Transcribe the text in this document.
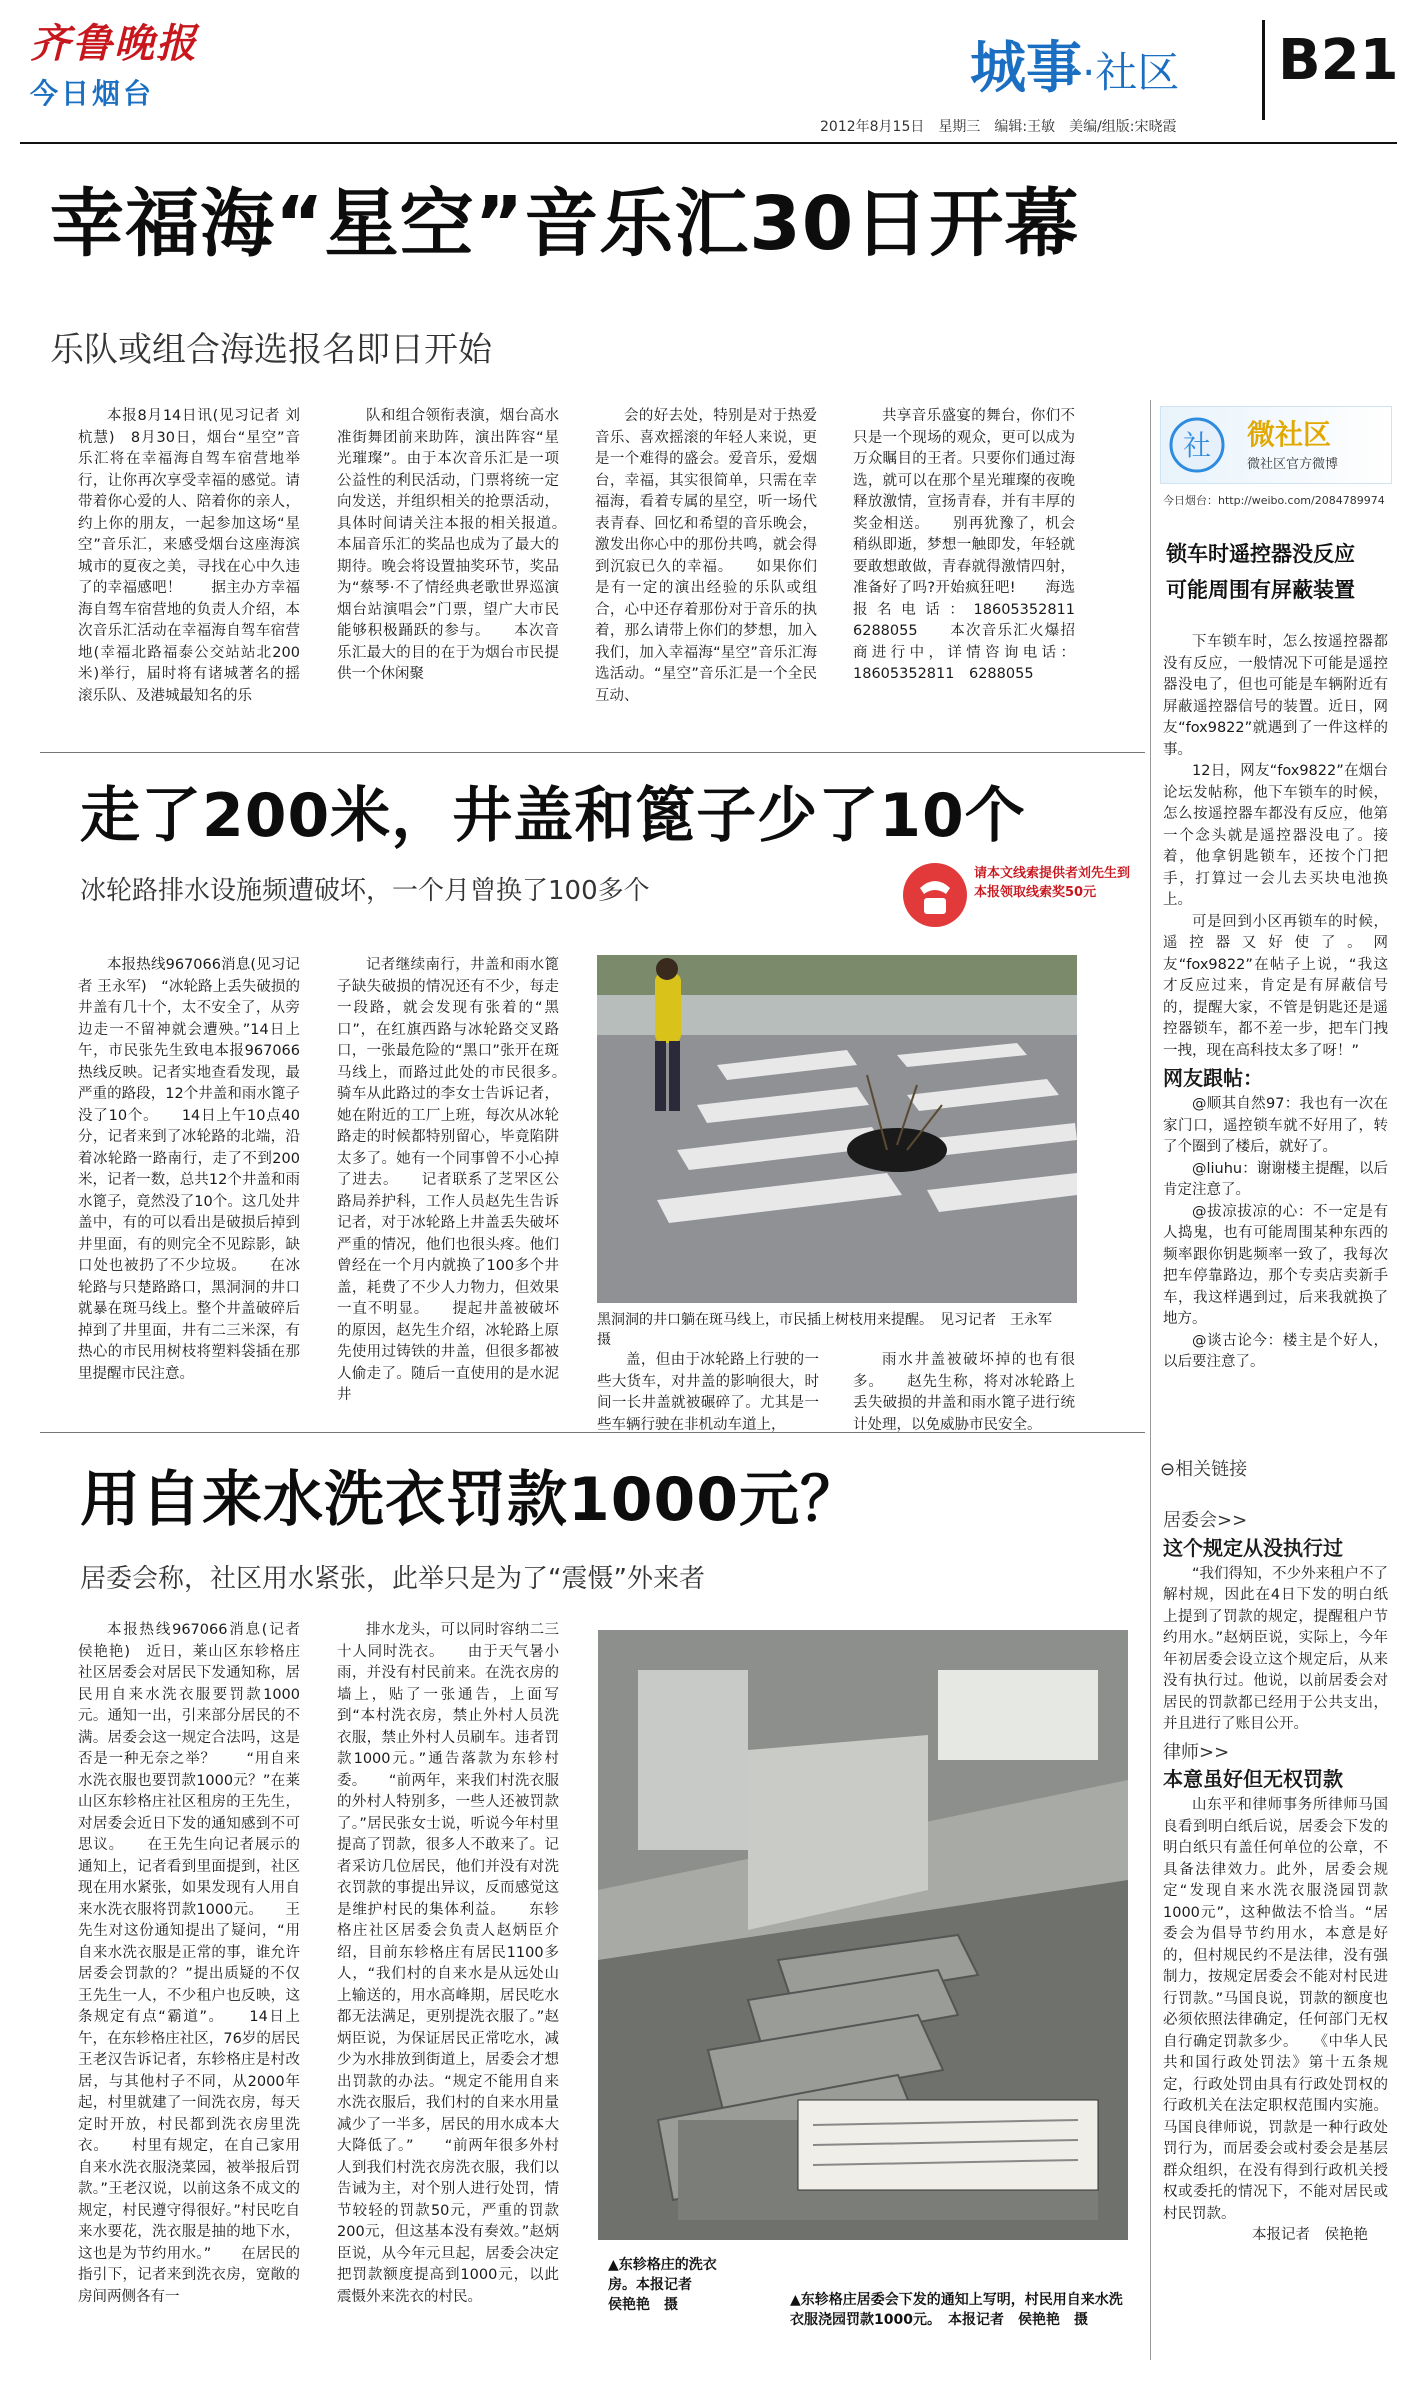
齐鲁晚报
今日烟台	城事·社区 B21
2012年8月15日　星期三　编辑:王敏　美编/组版:宋晓霞
幸福海“星空”音乐汇30日开幕
乐队或组合海选报名即日开始

本报8月14日讯(见习记者 刘杭慧)　8月30日，烟台“星空”音乐汇将在幸福海自驾车宿营地举行，让你再次享受幸福的感觉。请带着你心爱的人、陪着你的亲人，约上你的朋友，一起参加这场“星空”音乐汇，来感受烟台这座海滨城市的夏夜之美，寻找在心中久违了的幸福感吧！　　据主办方幸福海自驾车宿营地的负责人介绍，本次音乐汇活动在幸福海自驾车宿营地(幸福北路福泰公交站站北200米)举行，届时将有诸城著名的摇滚乐队、及港城最知名的乐

队和组合领衔表演，烟台高水准街舞团前来助阵，演出阵容“星光璀璨”。由于本次音乐汇是一项公益性的利民活动，门票将统一定向发送，并组织相关的抢票活动，具体时间请关注本报的相关报道。　　本届音乐汇的奖品也成为了最大的期待。晚会将设置抽奖环节，奖品为“蔡琴·不了情经典老歌世界巡演烟台站演唱会”门票，望广大市民能够积极踊跃的参与。　　本次音乐汇最大的目的在于为烟台市民提供一个休闲聚

会的好去处，特别是对于热爱音乐、喜欢摇滚的年轻人来说，更是一个难得的盛会。爱音乐，爱烟台，幸福，其实很简单，只需在幸福海，看着专属的星空，听一场代表青春、回忆和希望的音乐晚会，激发出你心中的那份共鸣，就会得到沉寂已久的幸福。　　如果你们是有一定的演出经验的乐队或组合，心中还存着那份对于音乐的执着，那么请带上你们的梦想，加入我们，加入幸福海“星空”音乐汇海选活动。“星空”音乐汇是一个全民互动、

共享音乐盛宴的舞台，你们不只是一个现场的观众，更可以成为万众瞩目的王者。只要你们通过海选，就可以在那个星光璀璨的夜晚释放激情，宣扬青春，并有丰厚的奖金相送。　　别再犹豫了，机会稍纵即逝，梦想一触即发，年轻就要敢想敢做，青春就得激情四射，准备好了吗?开始疯狂吧!　　海选报名电话：18605352811　6288055　　本次音乐汇火爆招商进行中，详情咨询电话：18605352811　6288055

走了200米，井盖和篦子少了10个
冰轮路排水设施频遭破坏，一个月曾换了100多个
请本文线索提供者刘先生到本报领取线索奖50元

本报热线967066消息(见习记者 王永军)　“冰轮路上丢失破损的井盖有几十个，太不安全了，从旁边走一不留神就会遭殃。”14日上午，市民张先生致电本报967066热线反映。记者实地查看发现，最严重的路段，12个井盖和雨水篦子没了10个。　　14日上午10点40分，记者来到了冰轮路的北端，沿着冰轮路一路南行，走了不到200米，记者一数，总共12个井盖和雨水篦子，竟然没了10个。这几处井盖中，有的可以看出是破损后掉到井里面，有的则完全不见踪影，缺口处也被扔了不少垃圾。　　在冰轮路与只楚路路口，黑洞洞的井口就暴在斑马线上。整个井盖破碎后掉到了井里面，井有二三米深，有热心的市民用树枝将塑料袋插在那里提醒市民注意。

记者继续南行，井盖和雨水篦子缺失破损的情况还有不少，每走一段路，就会发现有张着的“黑口”，在红旗西路与冰轮路交叉路口，一张最危险的“黑口”张开在斑马线上，而路过此处的市民很多。　　骑车从此路过的李女士告诉记者，她在附近的工厂上班，每次从冰轮路走的时候都特别留心，毕竟陷阱太多了。她有一个同事曾不小心掉了进去。　　记者联系了芝罘区公路局养护科，工作人员赵先生告诉记者，对于冰轮路上井盖丢失破坏严重的情况，他们也很头疼。他们曾经在一个月内就换了100多个井盖，耗费了不少人力物力，但效果一直不明显。　　提起井盖被破坏的原因，赵先生介绍，冰轮路上原先使用过铸铁的井盖，但很多都被人偷走了。随后一直使用的是水泥井

黑洞洞的井口躺在斑马线上，市民插上树枝用来提醒。　见习记者　王永军　摄

盖，但由于冰轮路上行驶的一些大货车，对井盖的影响很大，时间一长井盖就被碾碎了。尤其是一些车辆行驶在非机动车道上，

雨水井盖被破坏掉的也有很多。　　赵先生称，将对冰轮路上丢失破损的井盖和雨水篦子进行统计处理，以免威胁市民安全。

用自来水洗衣罚款1000元？
居委会称，社区用水紧张，此举只是为了“震慑”外来者

本报热线967066消息(记者 侯艳艳)　近日，莱山区东轸格庄社区居委会对居民下发通知称，居民用自来水洗衣服要罚款1000元。通知一出，引来部分居民的不满。居委会这一规定合法吗，这是否是一种无奈之举？　　“用自来水洗衣服也要罚款1000元？”在莱山区东轸格庄社区租房的王先生，对居委会近日下发的通知感到不可思议。　　在王先生向记者展示的通知上，记者看到里面提到，社区现在用水紧张，如果发现有人用自来水洗衣服将罚款1000元。　　王先生对这份通知提出了疑问，“用自来水洗衣服是正常的事，谁允许居委会罚款的？”提出质疑的不仅王先生一人，不少租户也反映，这条规定有点“霸道”。　　14日上午，在东轸格庄社区，76岁的居民王老汉告诉记者，东轸格庄是村改居，与其他村子不同，从2000年起，村里就建了一间洗衣房，每天定时开放，村民都到洗衣房里洗衣。　　村里有规定，在自己家用自来水洗衣服浇菜园，被举报后罚款。”王老汉说，以前这条不成文的规定，村民遵守得很好。”村民吃自来水要花，洗衣服是抽的地下水，这也是为节约用水。”　　在居民的指引下，记者来到洗衣房，宽敞的房间两侧各有一

排水龙头，可以同时容纳二三十人同时洗衣。　　由于天气暑小雨，并没有村民前来。在洗衣房的墙上，贴了一张通告，上面写到“本村洗衣房，禁止外村人员洗衣服，禁止外村人员刷车。违者罚款1000元。”通告落款为东轸村委。　　“前两年，来我们村洗衣服的外村人特别多，一些人还被罚款了。”居民张女士说，听说今年村里提高了罚款，很多人不敢来了。记者采访几位居民，他们并没有对洗衣罚款的事提出异议，反而感觉这是维护村民的集体利益。　　东轸格庄社区居委会负责人赵炳臣介绍，目前东轸格庄有居民1100多人，“我们村的自来水是从远处山上输送的，用水高峰期，居民吃水都无法满足，更别提洗衣服了。”赵炳臣说，为保证居民正常吃水，减少为水排放到街道上，居委会才想出罚款的办法。“规定不能用自来水洗衣服后，我们村的自来水用量减少了一半多，居民的用水成本大大降低了。”　　“前两年很多外村人到我们村洗衣房洗衣服，我们以告诫为主，对个别人进行处罚，情节较轻的罚款50元，严重的罚款200元，但这基本没有奏效。”赵炳臣说，从今年元旦起，居委会决定把罚款额度提高到1000元，以此震慑外来洗衣的村民。

▲东轸格庄的洗衣房。本报记者　侯艳艳　摄	▲东轸格庄居委会下发的通知上写明，村民用自来水洗衣服浇园罚款1000元。　本报记者　侯艳艳　摄
社 微社区
微社区官方微博
今日烟台：http://weibo.com/2084789974
锁车时遥控器没反应
可能周围有屏蔽装置

下车锁车时，怎么按遥控器都没有反应，一般情况下可能是遥控器没电了，但也可能是车辆附近有屏蔽遥控器信号的装置。近日，网友“fox9822”就遇到了一件这样的事。

12日，网友“fox9822”在烟台论坛发帖称，他下车锁车的时候，怎么按遥控器车都没有反应，他第一个念头就是遥控器没电了。接着，他拿钥匙锁车，还按个门把手，打算过一会儿去买块电池换上。

可是回到小区再锁车的时候，遥控器又好使了。网友“fox9822”在帖子上说，“我这才反应过来，肯定是有屏蔽信号的，提醒大家，不管是钥匙还是遥控器锁车，都不差一步，把车门拽一拽，现在高科技太多了呀！”

网友跟帖：

@顺其自然97：我也有一次在家门口，遥控锁车就不好用了，转了个圈到了楼后，就好了。

@liuhu：谢谢楼主提醒，以后肯定注意了。

@拔凉拔凉的心：不一定是有人捣鬼，也有可能周围某种东西的频率跟你钥匙频率一致了，我每次把车停靠路边，那个专卖店卖新手车，我这样遇到过，后来我就换了地方。

@谈古论今：楼主是个好人，以后要注意了。

⊖相关链接
居委会>>
这个规定从没执行过

“我们得知，不少外来租户不了解村规，因此在4日下发的明白纸上提到了罚款的规定，提醒租户节约用水。”赵炳臣说，实际上，今年年初居委会设立这个规定后，从来没有执行过。他说，以前居委会对居民的罚款都已经用于公共支出，并且进行了账目公开。

律师>>
本意虽好但无权罚款

山东平和律师事务所律师马国良看到明白纸后说，居委会下发的明白纸只有盖任何单位的公章，不具备法律效力。此外，居委会规定“发现自来水洗衣服浇园罚款1000元”，这种做法不恰当。“居委会为倡导节约用水，本意是好的，但村规民约不是法律，没有强制力，按规定居委会不能对村民进行罚款。”马国良说，罚款的额度也必须依照法律确定，任何部门无权自行确定罚款多少。　　《中华人民共和国行政处罚法》第十五条规定，行政处罚由具有行政处罚权的行政机关在法定职权范围内实施。马国良律师说，罚款是一种行政处罚行为，而居委会或村委会是基层群众组织，在没有得到行政机关授权或委托的情况下，不能对居民或村民罚款。

本报记者　侯艳艳
